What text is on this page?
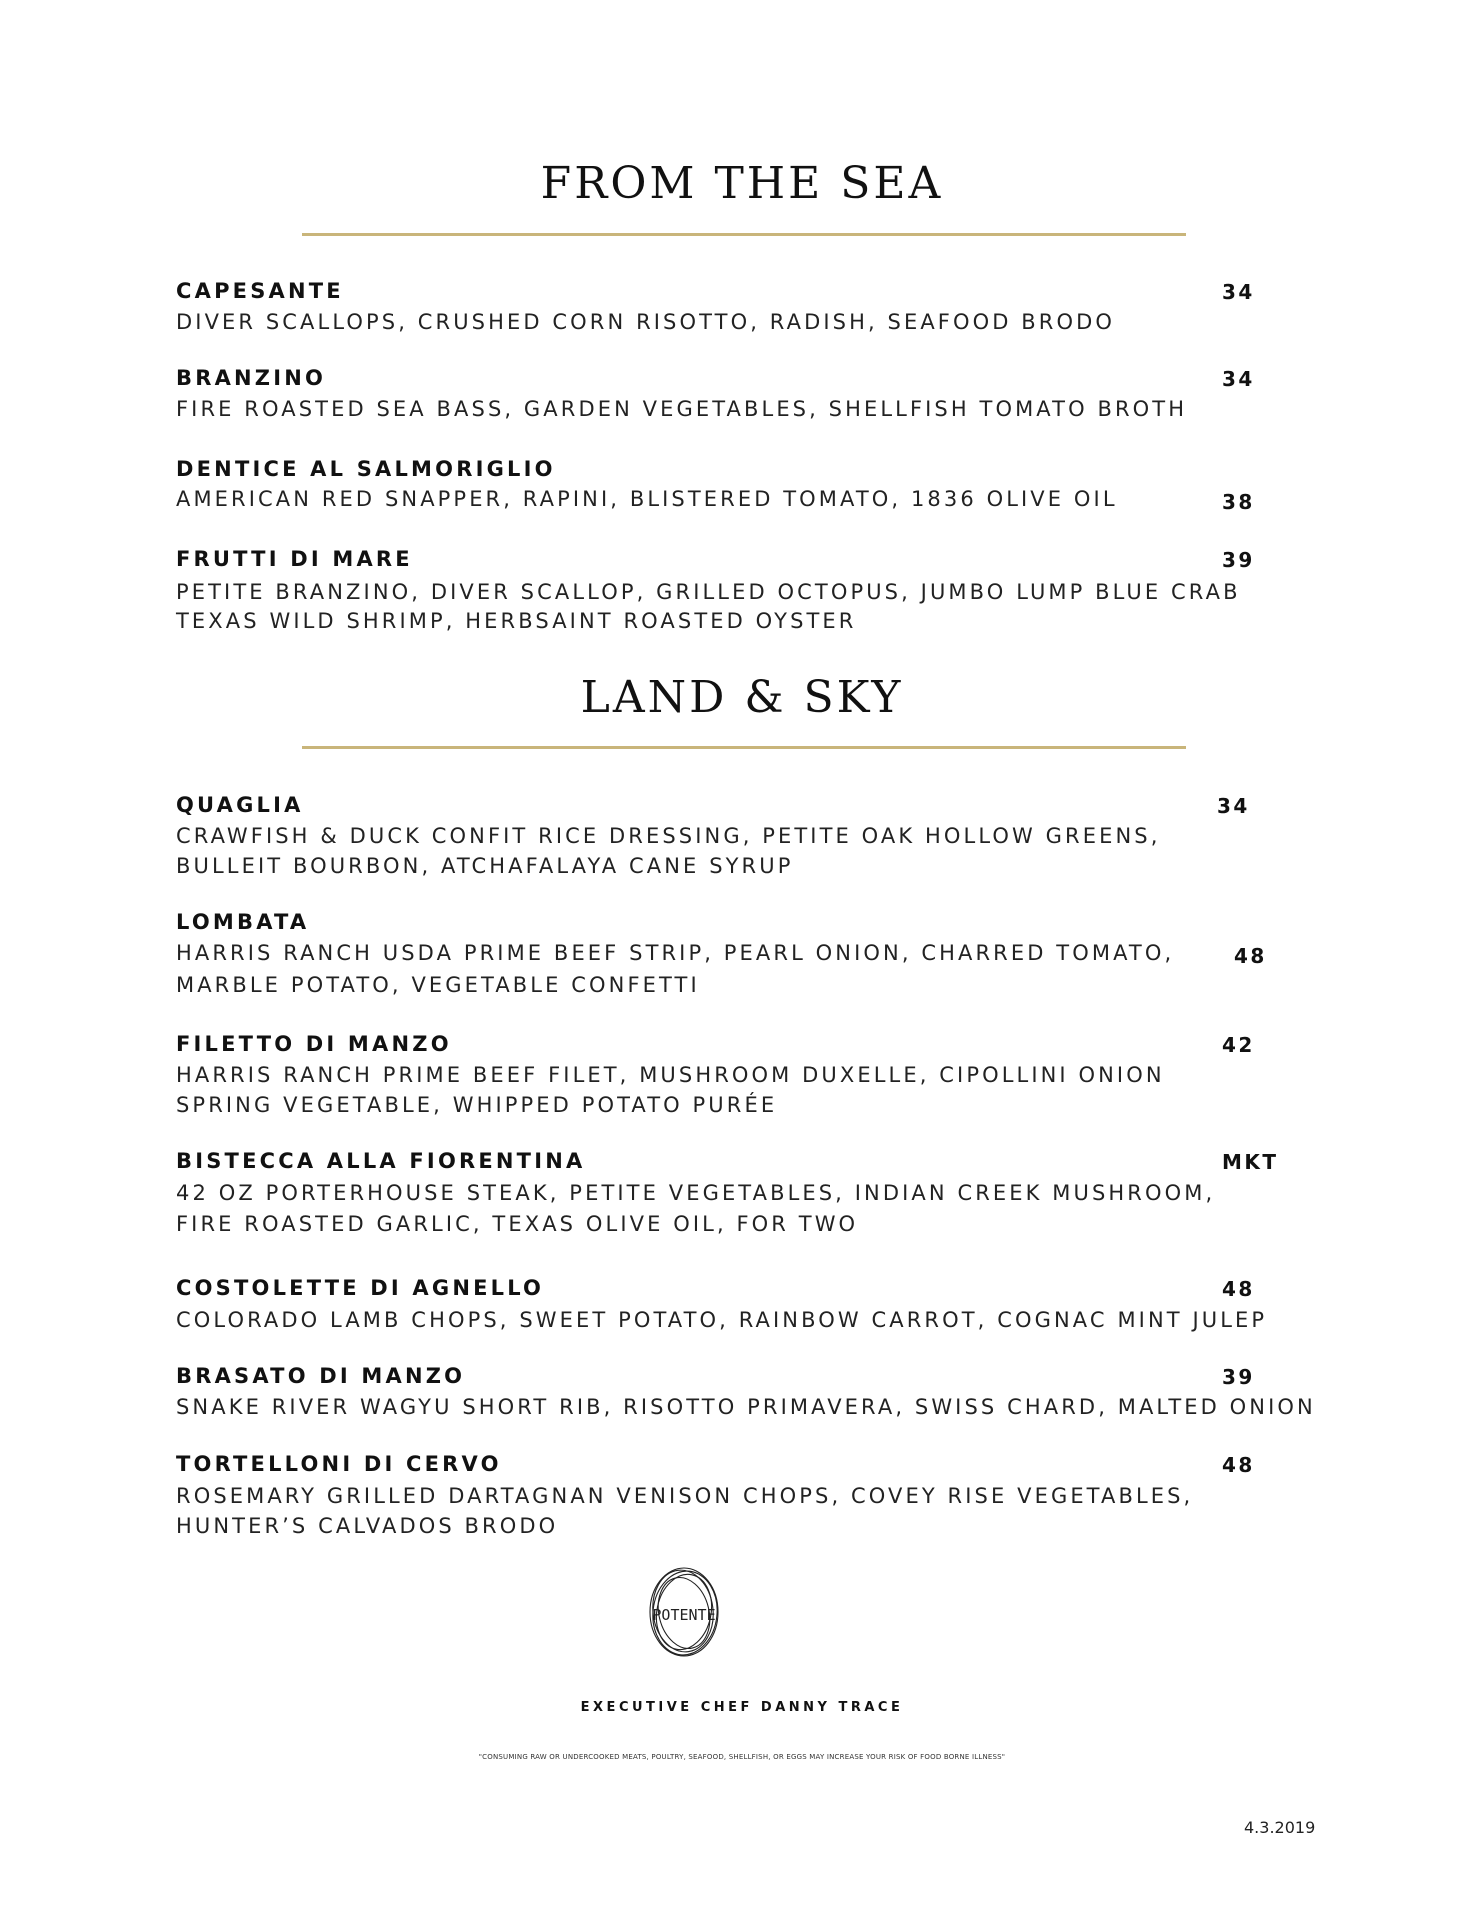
FROM THE SEA
CAPESANTE	34
DIVER SCALLOPS, CRUSHED CORN RISOTTO, RADISH, SEAFOOD BRODO
BRANZINO	34
FIRE ROASTED SEA BASS, GARDEN VEGETABLES, SHELLFISH TOMATO BROTH
DENTICE AL SALMORIGLIO
AMERICAN RED SNAPPER, RAPINI, BLISTERED TOMATO, 1836 OLIVE OIL	38
FRUTTI DI MARE	39
PETITE BRANZINO, DIVER SCALLOP, GRILLED OCTOPUS, JUMBO LUMP BLUE CRAB
TEXAS WILD SHRIMP, HERBSAINT ROASTED OYSTER
LAND & SKY
QUAGLIA	34
CRAWFISH & DUCK CONFIT RICE DRESSING, PETITE OAK HOLLOW GREENS,
BULLEIT BOURBON, ATCHAFALAYA CANE SYRUP
LOMBATA
HARRIS RANCH USDA PRIME BEEF STRIP, PEARL ONION, CHARRED TOMATO,	48
MARBLE POTATO, VEGETABLE CONFETTI
FILETTO DI MANZO	42
HARRIS RANCH PRIME BEEF FILET, MUSHROOM DUXELLE, CIPOLLINI ONION
SPRING VEGETABLE, WHIPPED POTATO PURÉE
BISTECCA ALLA FIORENTINA	MKT
42 OZ PORTERHOUSE STEAK, PETITE VEGETABLES, INDIAN CREEK MUSHROOM,
FIRE ROASTED GARLIC, TEXAS OLIVE OIL, FOR TWO
COSTOLETTE DI AGNELLO	48
COLORADO LAMB CHOPS, SWEET POTATO, RAINBOW CARROT, COGNAC MINT JULEP
BRASATO DI MANZO	39
SNAKE RIVER WAGYU SHORT RIB, RISOTTO PRIMAVERA, SWISS CHARD, MALTED ONION
TORTELLONI DI CERVO	48
ROSEMARY GRILLED DARTAGNAN VENISON CHOPS, COVEY RISE VEGETABLES,
HUNTER’S CALVADOS BRODO
POTENTE
EXECUTIVE CHEF DANNY TRACE
"CONSUMING RAW OR UNDERCOOKED MEATS, POULTRY, SEAFOOD, SHELLFISH, OR EGGS MAY INCREASE YOUR RISK OF FOOD BORNE ILLNESS"
4.3.2019
